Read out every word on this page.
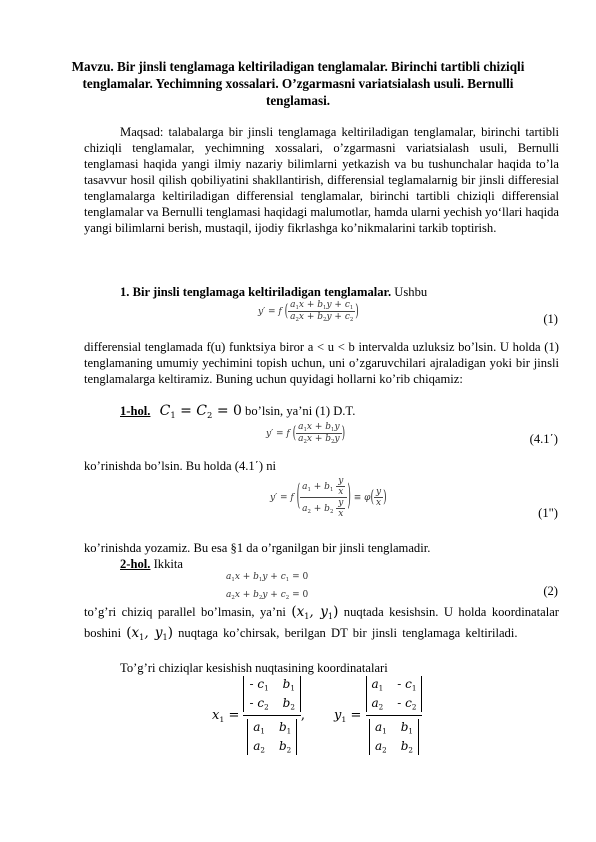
Mavzu. Bir jinsli tenglamaga keltiriladigan tenglamalar. Birinchi tartibli chiziqli tenglamalar. Yechimning xossalari. O’zgarmasni variatsialash usuli. Bernulli tenglamasi.
Maqsad: talabalarga bir jinsli tenglamaga keltiriladigan tenglamalar, birinchi tartibli chiziqli tenglamalar, yechimning xossalari, o’zgarmasni variatsialash usuli, Bernulli tenglamasi haqida yangi ilmiy nazariy bilimlarni yetkazish va bu tushunchalar haqida to’la tasavvur hosil qilish qobiliyatini shakllantirish, differensial teglamalarnig bir jinsli differesial tenglamalarga keltiriladigan differensial tenglamalar, birinchi tartibli chiziqli differensial tenglamalar va Bernulli tenglamasi haqidagi malumotlar, hamda ularni yechish yo‘llari haqida yangi bilimlarni berish, mustaqil, ijodiy fikrlashga ko’nikmalarini tarkib toptirish.
1. Bir jinsli tenglamaga keltiriladigan tenglamalar. Ushbu
y′ = f ( $\frac{a_1x + b_1y + c_1}{a_2x + b_2y + c_2}$ )	(1)
differensial tenglamada f(u) funktsiya biror a < u < b intervalda uzluksiz bo’lsin. U holda (1) tenglamaning umumiy yechimini topish uchun, uni o’zgaruvchilari ajraladigan yoki bir jinsli tenglamalarga keltiramiz. Buning uchun quyidagi hollarni ko’rib chiqamiz:
1-hol. $C_1 = C_2 = 0$ bo’lsin, ya’ni (1) D.T.
y′ = f ( $\frac{a_1x + b_1y}{a_2x + b_2y}$ )	(4.1΄)
ko’rinishda bo’lsin. Bu holda (4.1΄) ni
y′ = f ( $\frac{a_1 + b_1 \frac{y}{x}}{a_2 + b_2 \frac{y}{x}}$ ) ≡ $\varphi( \frac{y}{x}$ )
(1")
ko’rinishda yozamiz. Bu esa §1 da o’rganilgan bir jinsli tenglamadir.
2-hol. Ikkita
$a_1x + b_1y + c_1 = 0$
$a_2x + b_2y + c_2 = 0$	(2)
to’g’ri chiziq parallel bo’lmasin, ya’ni ($x_1$, $y_1$) nuqtada kesishsin. U holda koordinatalar boshini ($x_1$, $y_1$) nuqtaga ko’chirsak, berilgan DT bir jinsli tenglamaga keltiriladi.
To’g’ri chiziqlar kesishish nuqtasining koordinatalari
$x_1$ = - $c_1$ $b_1$
- $c_2$ $b_2$
$a_1$ $b_1$
$a_2$ $b_2$ , $y_1 = a_1 - c_1$
$a_2 - c_2$
$a_1$ $b_1$
$a_2$ $b_2$
